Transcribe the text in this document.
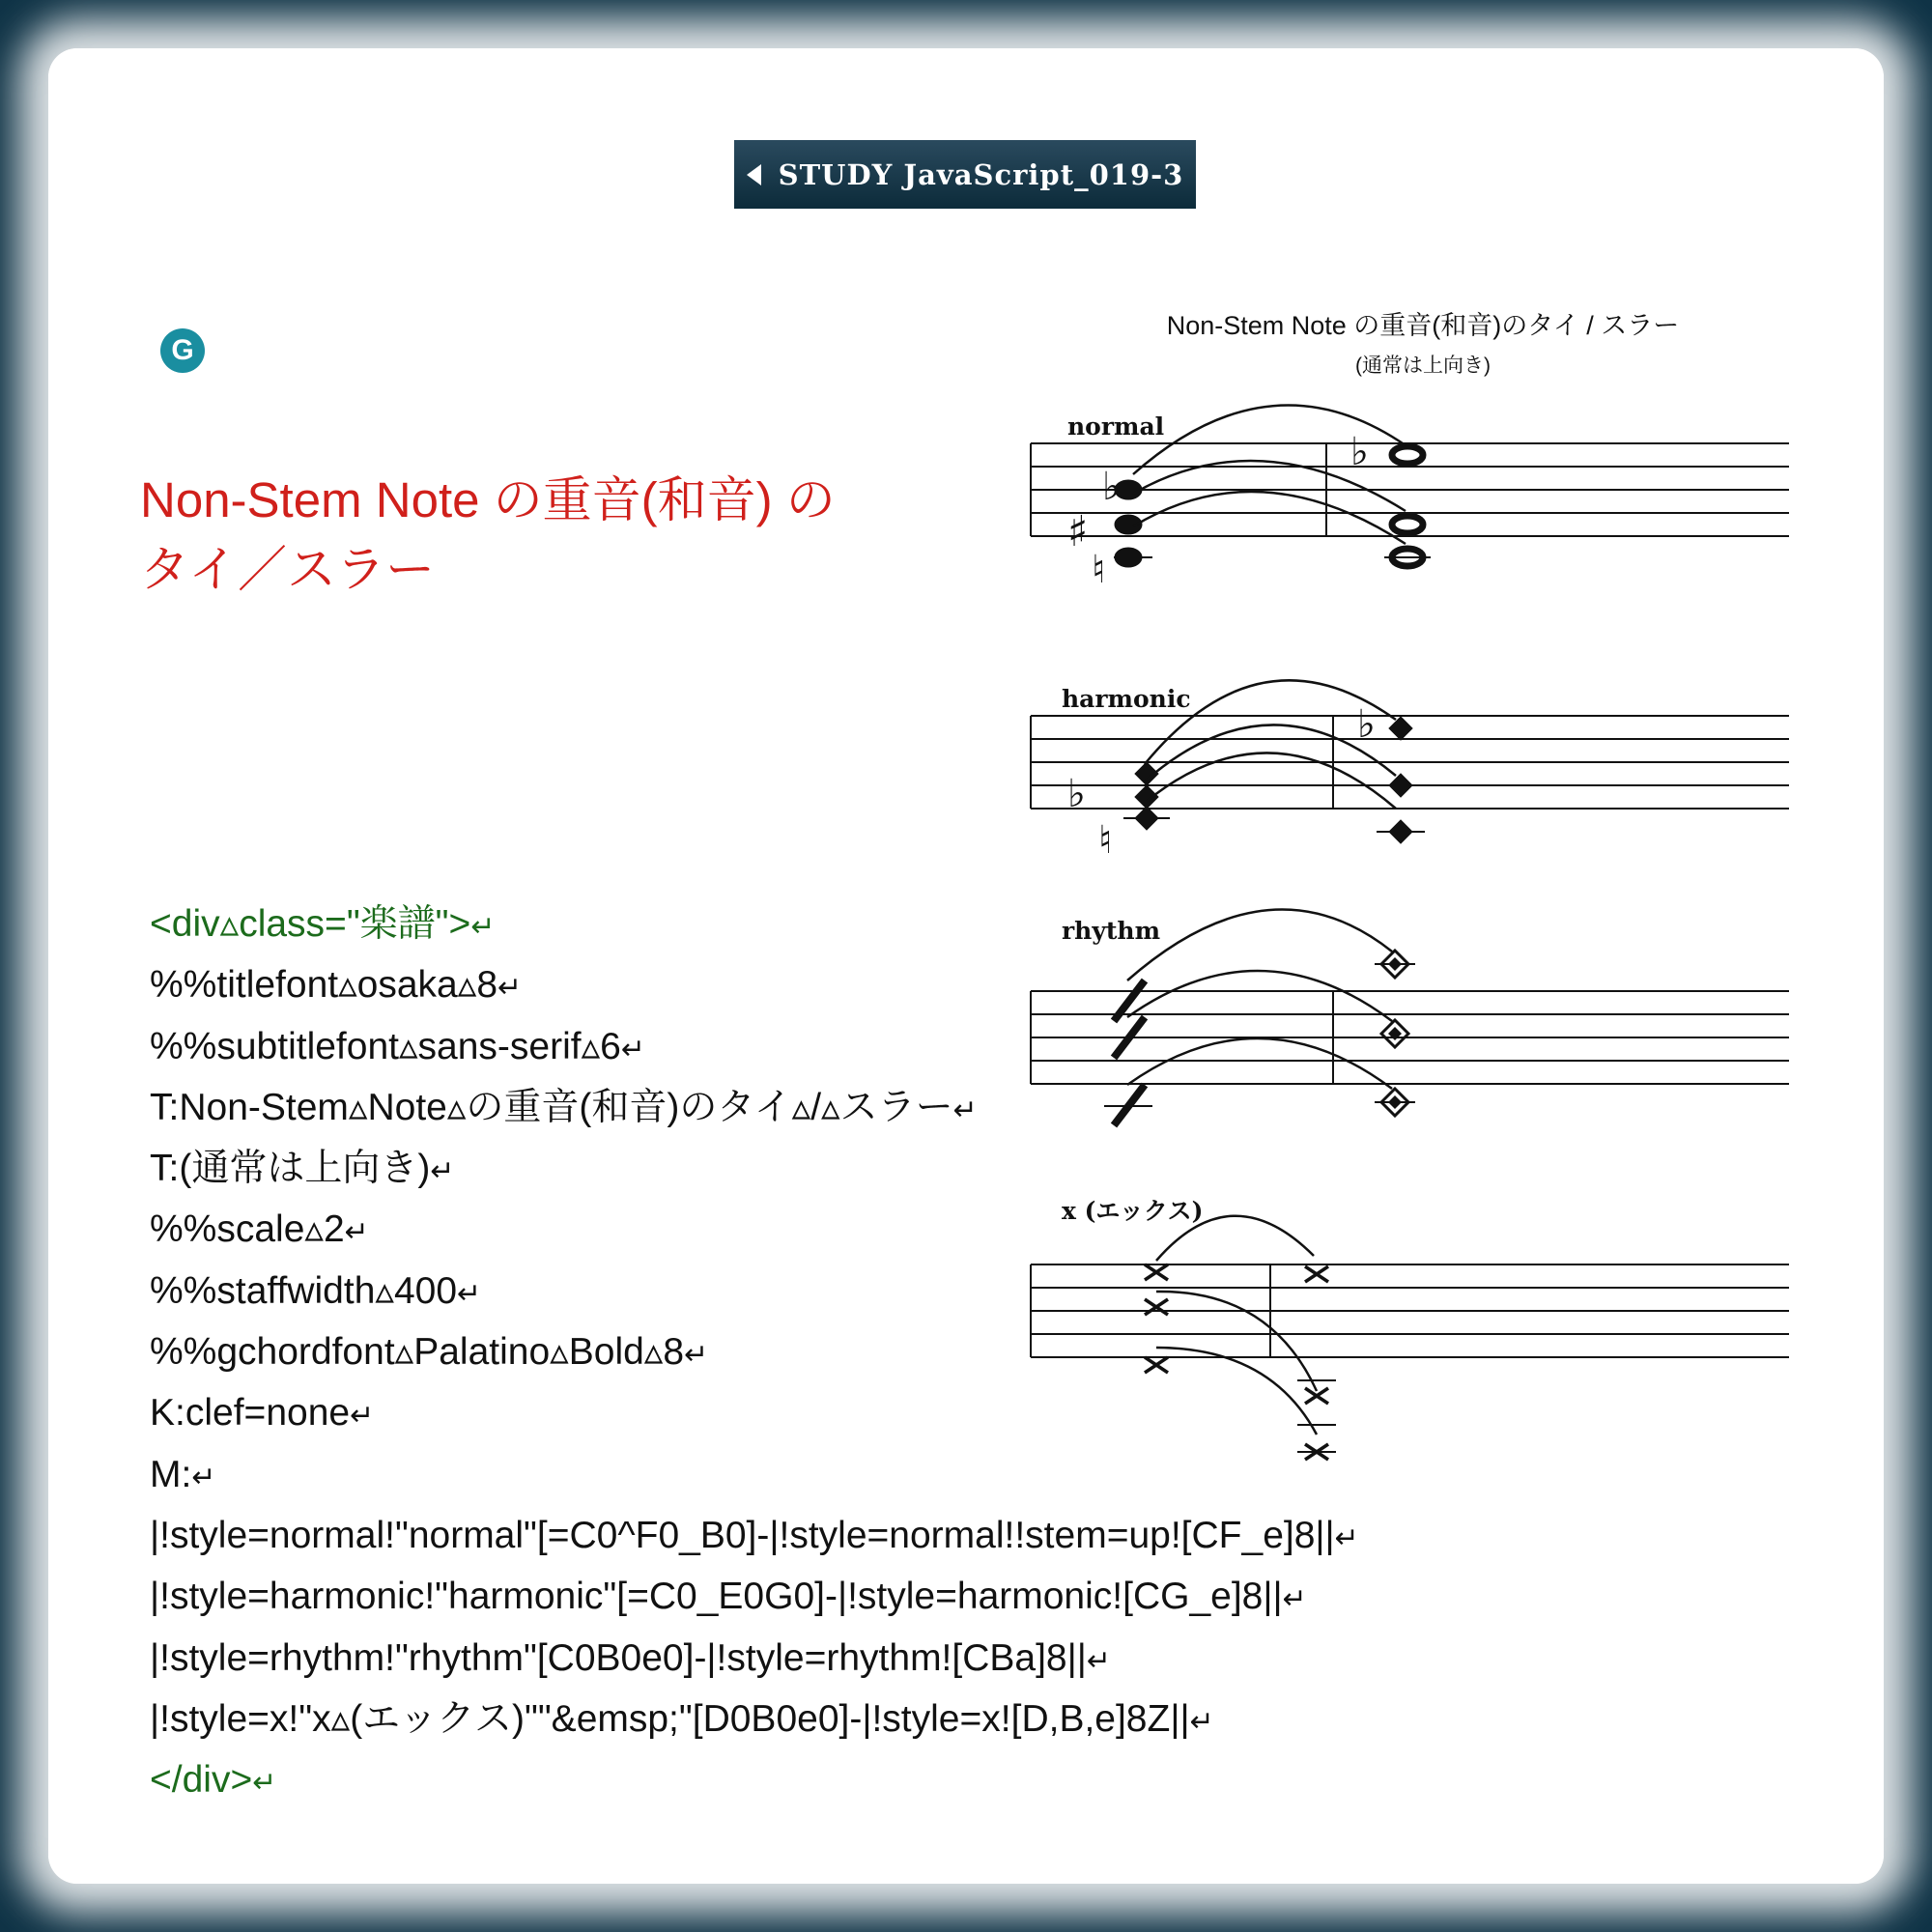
STUDY JavaScript_019-3
G
Non-Stem Note の重音(和音) の
タイ／スラー
Non-Stem Note の重音(和音)のタイ / スラー
(通常は上向き)
normal
♭
♯
♮
♭
harmonic
♭
♮
♭
rhythm
x (エックス)
<div▵class="楽譜">↵
%%titlefont▵osaka▵8↵
%%subtitlefont▵sans-serif▵6↵
T:Non-Stem▵Note▵の重音(和音)のタイ▵/▵スラー↵
T:(通常は上向き)↵
%%scale▵2↵
%%staffwidth▵400↵
%%gchordfont▵Palatino▵Bold▵8↵
K:clef=none↵
M:↵
|!style=normal!"normal"[=C0^F0_B0]-|!style=normal!!stem=up![CF_e]8||↵
|!style=harmonic!"harmonic"[=C0_E0G0]-|!style=harmonic![CG_e]8||↵
|!style=rhythm!"rhythm"[C0B0e0]-|!style=rhythm![CBa]8||↵
|!style=x!"x▵(エックス)""&emsp;"[D0B0e0]-|!style=x![D,B,e]8Z||↵
</div>↵
